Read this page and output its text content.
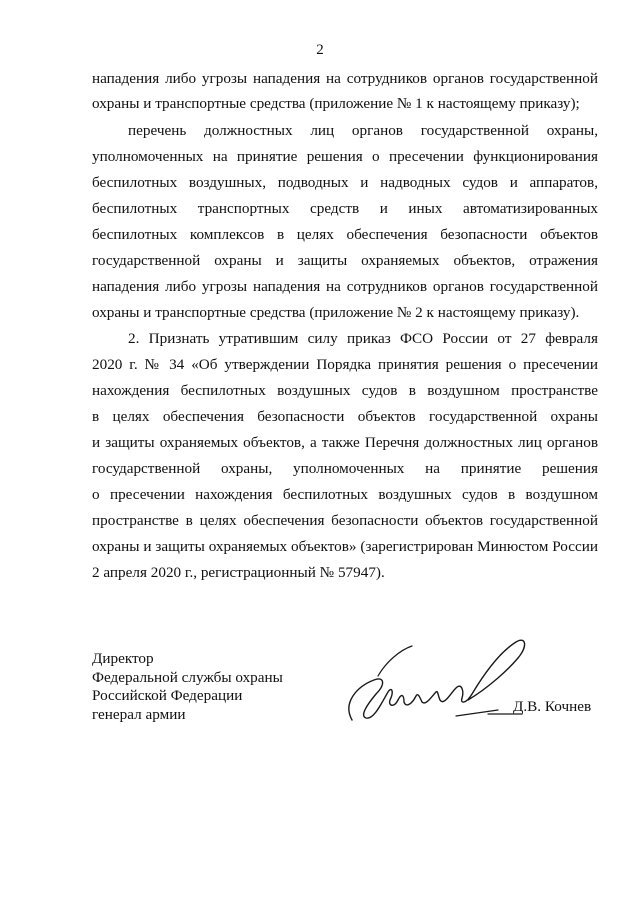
2
нападения либо угрозы нападения на сотрудников органов государственной
охраны и транспортные средства (приложение № 1 к настоящему приказу);
перечень должностных лиц органов государственной охраны,
уполномоченных на принятие решения о пресечении функционирования
беспилотных воздушных, подводных и надводных судов и аппаратов,
беспилотных транспортных средств и иных автоматизированных
беспилотных комплексов в целях обеспечения безопасности объектов
государственной охраны и защиты охраняемых объектов, отражения
нападения либо угрозы нападения на сотрудников органов государственной
охраны и транспортные средства (приложение № 2 к настоящему приказу).
2. Признать утратившим силу приказ ФСО России от 27 февраля
2020 г. № 34 «Об утверждении Порядка принятия решения о пресечении
нахождения беспилотных воздушных судов в воздушном пространстве
в целях обеспечения безопасности объектов государственной охраны
и защиты охраняемых объектов, а также Перечня должностных лиц органов
государственной охраны, уполномоченных на принятие решения
о пресечении нахождения беспилотных воздушных судов в воздушном
пространстве в целях обеспечения безопасности объектов государственной
охраны и защиты охраняемых объектов» (зарегистрирован Минюстом России
2 апреля 2020 г., регистрационный № 57947).
Директор
Федеральной службы охраны
Российской Федерации
генерал армии	Д.В. Кочнев
